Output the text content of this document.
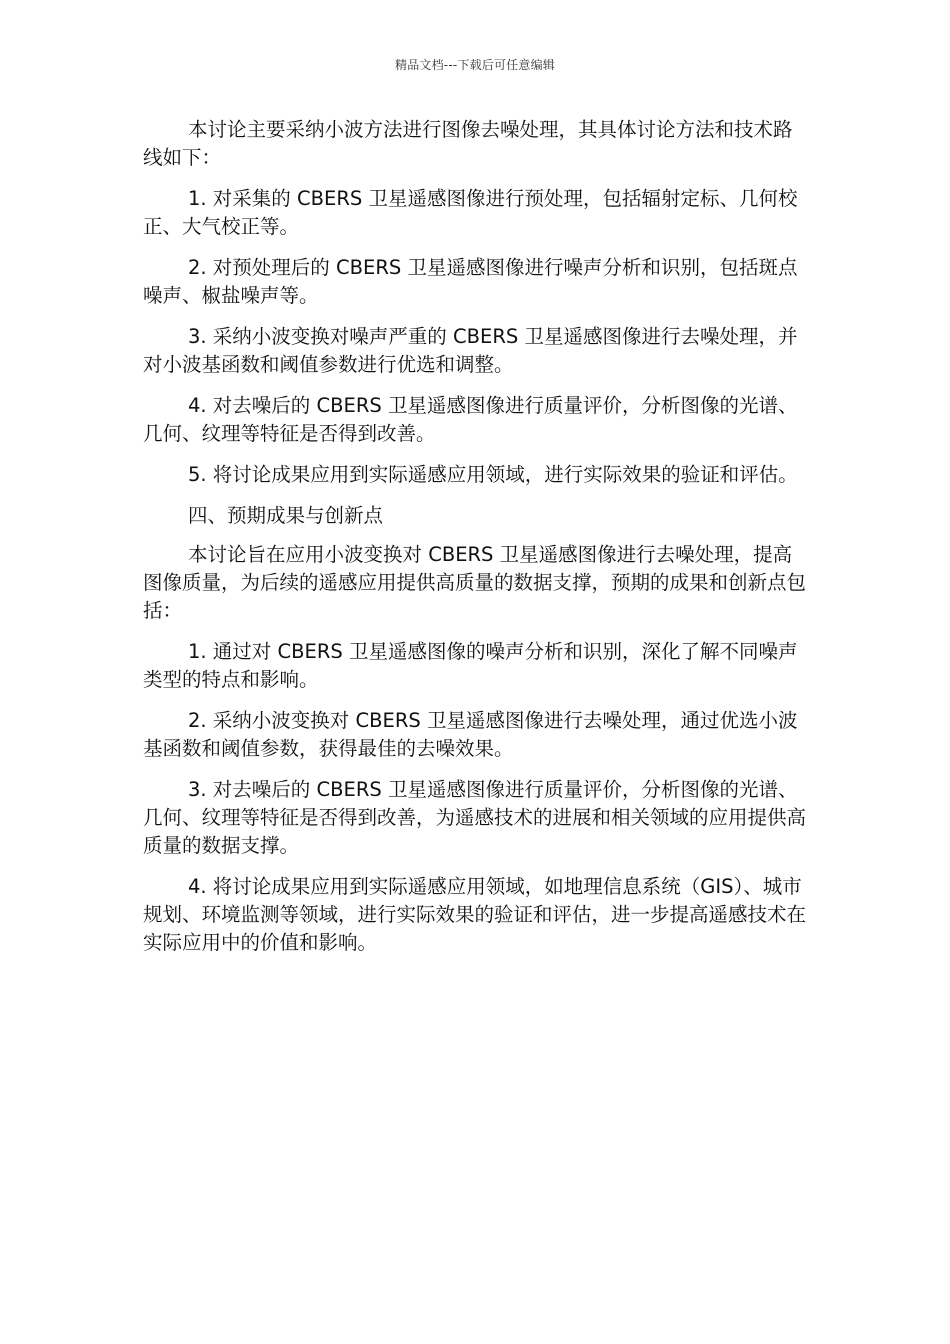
精品文档---下载后可任意编辑

本讨论主要采纳小波方法进行图像去噪处理，其具体讨论方法和技术路线如下：

1. 对采集的 CBERS 卫星遥感图像进行预处理，包括辐射定标、几何校正、大气校正等。

2. 对预处理后的 CBERS 卫星遥感图像进行噪声分析和识别，包括斑点噪声、椒盐噪声等。

3. 采纳小波变换对噪声严重的 CBERS 卫星遥感图像进行去噪处理，并对小波基函数和阈值参数进行优选和调整。

4. 对去噪后的 CBERS 卫星遥感图像进行质量评价，分析图像的光谱、几何、纹理等特征是否得到改善。

5. 将讨论成果应用到实际遥感应用领域，进行实际效果的验证和评估。

四、预期成果与创新点

本讨论旨在应用小波变换对 CBERS 卫星遥感图像进行去噪处理，提高图像质量，为后续的遥感应用提供高质量的数据支撑，预期的成果和创新点包括：

1. 通过对 CBERS 卫星遥感图像的噪声分析和识别，深化了解不同噪声类型的特点和影响。

2. 采纳小波变换对 CBERS 卫星遥感图像进行去噪处理，通过优选小波基函数和阈值参数，获得最佳的去噪效果。

3. 对去噪后的 CBERS 卫星遥感图像进行质量评价，分析图像的光谱、几何、纹理等特征是否得到改善，为遥感技术的进展和相关领域的应用提供高质量的数据支撑。

4. 将讨论成果应用到实际遥感应用领域，如地理信息系统（GIS）、城市规划、环境监测等领域，进行实际效果的验证和评估，进一步提高遥感技术在实际应用中的价值和影响。
